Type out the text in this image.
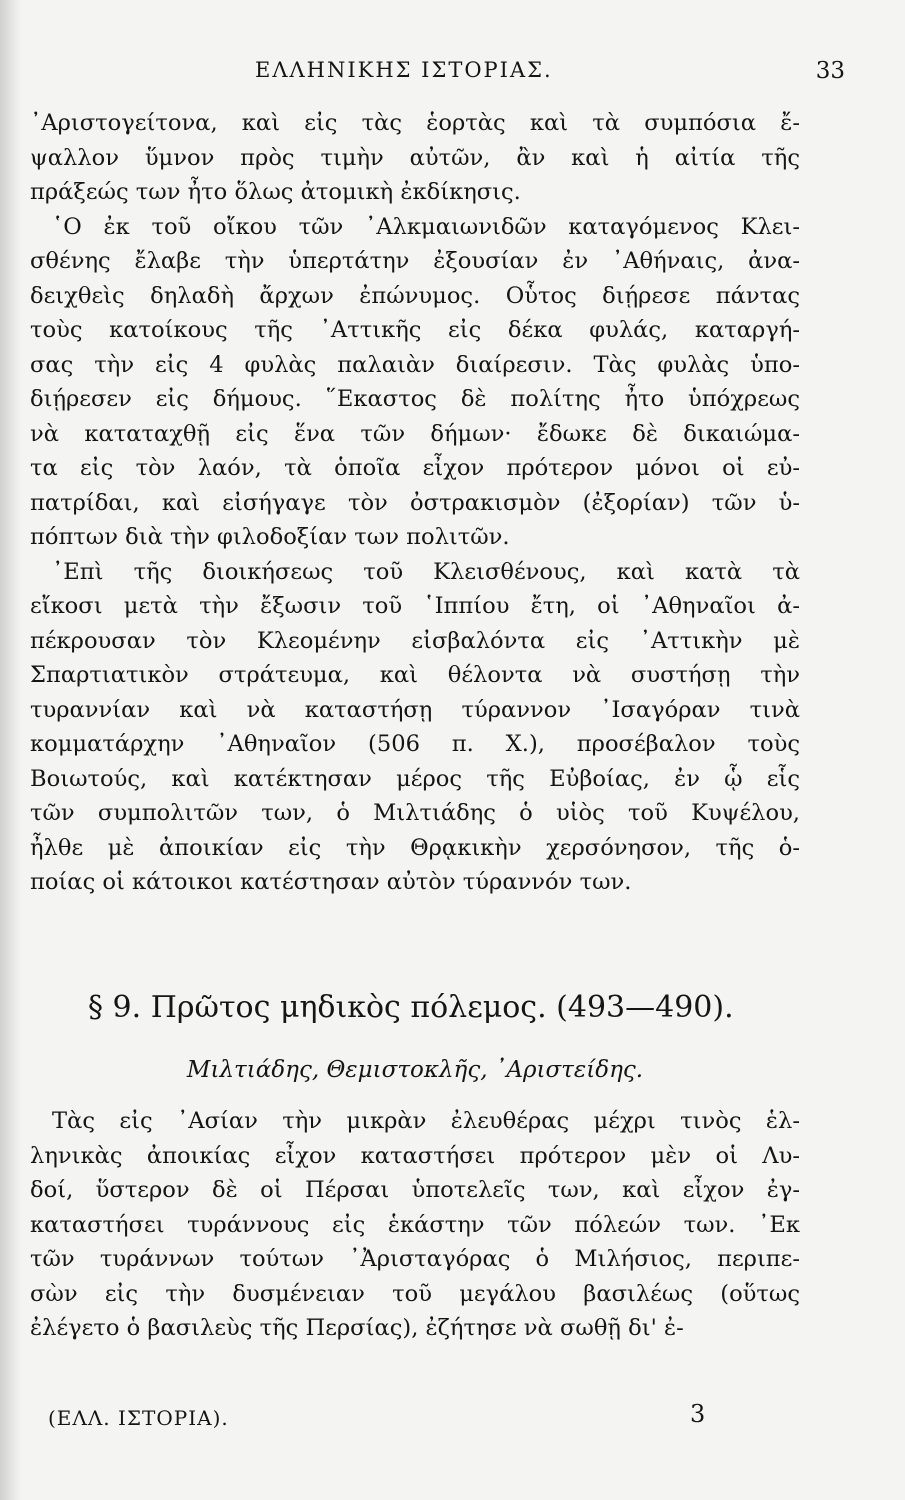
ΕΛΛΗΝΙΚΗΣ ΙΣΤΟΡΙΑΣ.	33
᾿Αριστογείτονα, καὶ εἰς τὰς ἑορτὰς καὶ τὰ συμπόσια ἔ-
ψαλλον ὕμνον πρὸς τιμὴν αὐτῶν, ἂν καὶ ἡ αἰτία τῆς
πράξεώς των ἦτο ὅλως ἀτομικὴ ἐκδίκησις.
῾Ο ἐκ τοῦ οἴκου τῶν ᾿Αλκμαιωνιδῶν καταγόμενος Κλει-
σθένης ἔλαβε τὴν ὑπερτάτην ἐξουσίαν ἐν ᾿Αθήναις, ἀνα-
δειχθεὶς δηλαδὴ ἄρχων ἐπώνυμος. Οὗτος διῄρεσε πάντας
τοὺς κατοίκους τῆς ᾿Αττικῆς εἰς δέκα φυλάς, καταργή-
σας τὴν εἰς 4 φυλὰς παλαιὰν διαίρεσιν. Τὰς φυλὰς ὑπο-
διῄρεσεν εἰς δήμους. ῞Εκαστος δὲ πολίτης ἦτο ὑπόχρεως
νὰ καταταχθῇ εἰς ἕνα τῶν δήμων· ἔδωκε δὲ δικαιώμα-
τα εἰς τὸν λαόν, τὰ ὁποῖα εἶχον πρότερον μόνοι οἱ εὐ-
πατρίδαι, καὶ εἰσήγαγε τὸν ὀστρακισμὸν (ἐξορίαν) τῶν ὑ-
πόπτων διὰ τὴν φιλοδοξίαν των πολιτῶν.
᾿Επὶ τῆς διοικήσεως τοῦ Κλεισθένους, καὶ κατὰ τὰ
εἴκοσι μετὰ τὴν ἔξωσιν τοῦ ῾Ιππίου ἔτη, οἱ ᾿Αθηναῖοι ἀ-
πέκρουσαν τὸν Κλεομένην εἰσβαλόντα εἰς ᾿Αττικὴν μὲ
Σπαρτιατικὸν στράτευμα, καὶ θέλοντα νὰ συστήσῃ τὴν
τυραννίαν καὶ νὰ καταστήσῃ τύραννον ᾿Ισαγόραν τινὰ
κομματάρχην ᾿Αθηναῖον (506 π. Χ.), προσέβαλον τοὺς
Βοιωτούς, καὶ κατέκτησαν μέρος τῆς Εὐβοίας, ἐν ᾧ εἷς
τῶν συμπολιτῶν των, ὁ Μιλτιάδης ὁ υἱὸς τοῦ Κυψέλου,
ἦλθε μὲ ἀποικίαν εἰς τὴν Θρᾳκικὴν χερσόνησον, τῆς ὁ-
ποίας οἱ κάτοικοι κατέστησαν αὐτὸν τύραννόν των.
§ 9. Πρῶτος μηδικὸς πόλεμος. (493—490).
Μιλτιάδης, Θεμιστοκλῆς, ᾿Αριστείδης.
Τὰς εἰς ᾿Ασίαν τὴν μικρὰν ἐλευθέρας μέχρι τινὸς ἑλ-
ληνικὰς ἀποικίας εἶχον καταστήσει πρότερον μὲν οἱ Λυ-
δοί, ὕστερον δὲ οἱ Πέρσαι ὑποτελεῖς των, καὶ εἶχον ἐγ-
καταστήσει τυράννους εἰς ἑκάστην τῶν πόλεών των. ᾿Εκ
τῶν τυράννων τούτων ᾿Ἀρισταγόρας ὁ Μιλήσιος, περιπε-
σὼν εἰς τὴν δυσμένειαν τοῦ μεγάλου βασιλέως (οὕτως
ἐλέγετο ὁ βασιλεὺς τῆς Περσίας), ἐζήτησε νὰ σωθῇ δι' ἐ-
(ΕΛΛ. ΙΣΤΟΡΙΑ).	3
